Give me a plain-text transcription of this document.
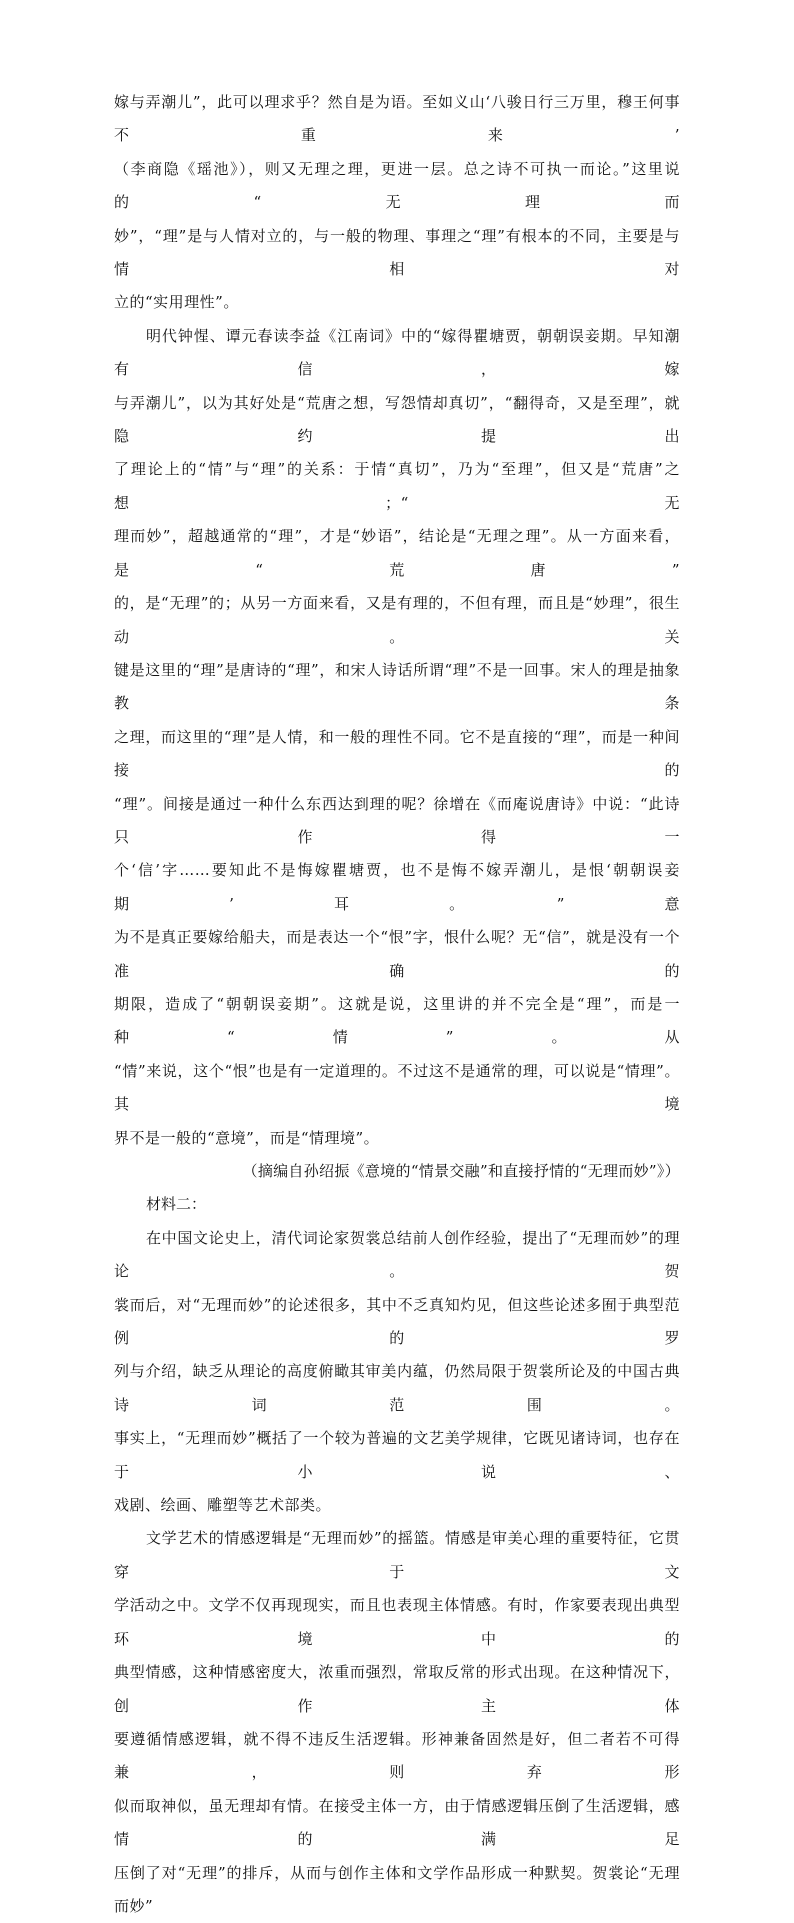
嫁与弄潮儿”，此可以理求乎？然自是为语。至如义山‘八骏日行三万里，穆王何事不重来’
（李商隐《瑶池》），则又无理之理，更进一层。总之诗不可执一而论。”这里说的“无理而
妙”，“理”是与人情对立的，与一般的物理、事理之“理”有根本的不同，主要是与情相对
立的“实用理性”。

明代钟惺、谭元春读李益《江南词》中的“嫁得瞿塘贾，朝朝误妾期。早知潮有信，嫁
与弄潮儿”，以为其好处是“荒唐之想，写怨情却真切”，“翻得奇，又是至理”，就隐约提出
了理论上的“情”与“理”的关系：于情“真切”，乃为“至理”，但又是“荒唐”之想；“无
理而妙”，超越通常的“理”，才是“妙语”，结论是“无理之理”。从一方面来看，是“荒唐”
的，是“无理”的；从另一方面来看，又是有理的，不但有理，而且是“妙理”，很生动。关
键是这里的“理”是唐诗的“理”，和宋人诗话所谓“理”不是一回事。宋人的理是抽象教条
之理，而这里的“理”是人情，和一般的理性不同。它不是直接的“理”，而是一种间接的
“理”。间接是通过一种什么东西达到理的呢？徐增在《而庵说唐诗》中说：“此诗只作得一
个‘信’字……要知此不是悔嫁瞿塘贾，也不是悔不嫁弄潮儿，是恨‘朝朝误妾期’耳。”意
为不是真正要嫁给船夫，而是表达一个“恨”字，恨什么呢？无“信”，就是没有一个准确的
期限，造成了“朝朝误妾期”。这就是说，这里讲的并不完全是“理”，而是一种“情”。从
“情”来说，这个“恨”也是有一定道理的。不过这不是通常的理，可以说是“情理”。其境
界不是一般的“意境”，而是“情理境”。

（摘编自孙绍振《意境的“情景交融”和直接抒情的“无理而妙”》）

材料二：

在中国文论史上，清代词论家贺裳总结前人创作经验，提出了“无理而妙”的理论。贺
裳而后，对“无理而妙”的论述很多，其中不乏真知灼见，但这些论述多囿于典型范例的罗
列与介绍，缺乏从理论的高度俯瞰其审美内蕴，仍然局限于贺裳所论及的中国古典诗词范围。
事实上，“无理而妙”概括了一个较为普遍的文艺美学规律，它既见诸诗词，也存在于小说、
戏剧、绘画、雕塑等艺术部类。

文学艺术的情感逻辑是“无理而妙”的摇篮。情感是审美心理的重要特征，它贯穿于文
学活动之中。文学不仅再现现实，而且也表现主体情感。有时，作家要表现出典型环境中的
典型情感，这种情感密度大，浓重而强烈，常取反常的形式出现。在这种情况下，创作主体
要遵循情感逻辑，就不得不违反生活逻辑。形神兼备固然是好，但二者若不可得兼，则弃形
似而取神似，虽无理却有情。在接受主体一方，由于情感逻辑压倒了生活逻辑，感情的满足
压倒了对“无理”的排斥，从而与创作主体和文学作品形成一种默契。贺裳论“无理而妙”
